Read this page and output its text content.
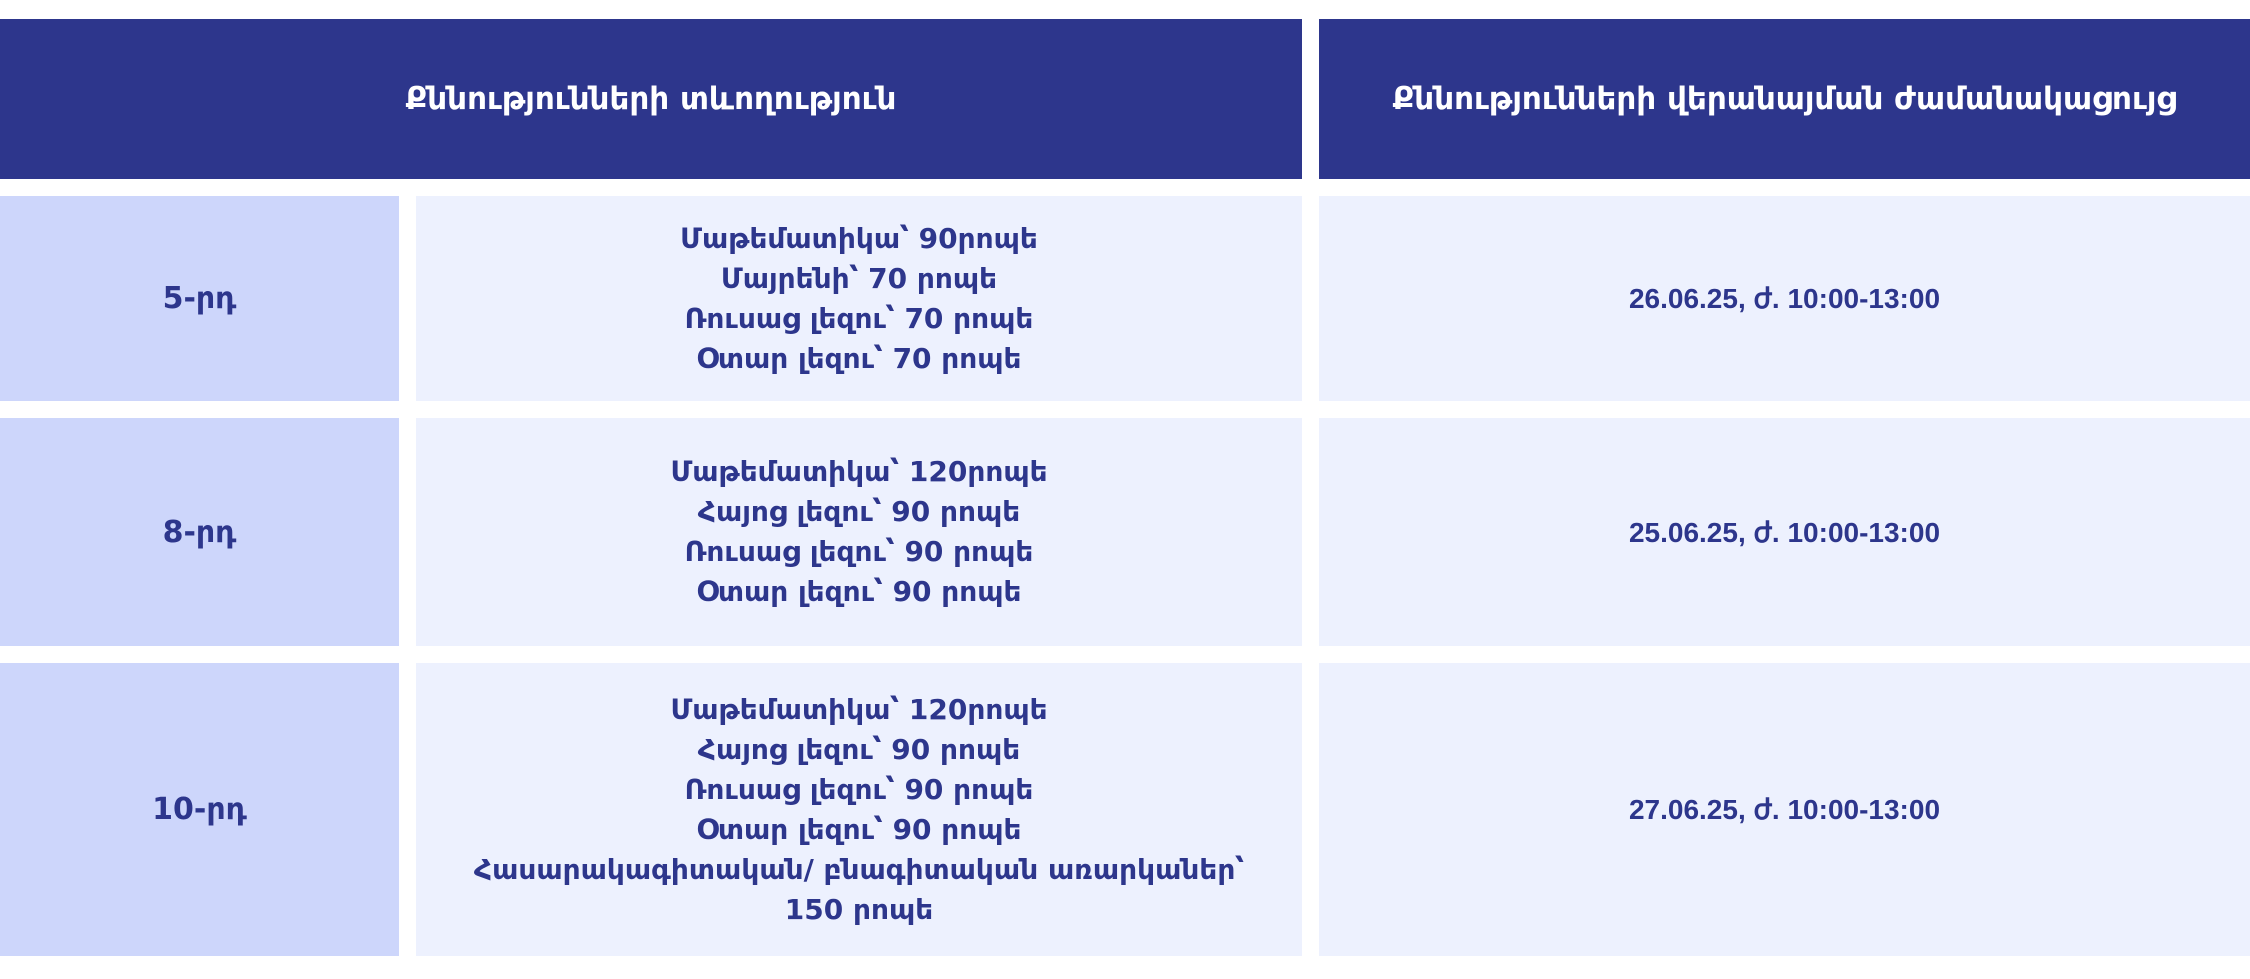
Քննությունների տևողություն	Քննությունների վերանայման ժամանակացույց
5-րդ
Մաթեմատիկա՝ 90րոպե
Մայրենի՝ 70 րոպե
Ռուսաց լեզու՝ 70 րոպե
Օտար լեզու՝ 70 րոպե
26.06.25, ժ. 10:00-13:00
8-րդ
Մաթեմատիկա՝ 120րոպե
Հայոց լեզու՝ 90 րոպե
Ռուսաց լեզու՝ 90 րոպե
Օտար լեզու՝ 90 րոպե
25.06.25, ժ. 10:00-13:00
10-րդ
Մաթեմատիկա՝ 120րոպե
Հայոց լեզու՝ 90 րոպե
Ռուսաց լեզու՝ 90 րոպե
Օտար լեզու՝ 90 րոպե
Հասարակագիտական/ բնագիտական առարկաներ՝
150 րոպե
27.06.25, ժ. 10:00-13:00
